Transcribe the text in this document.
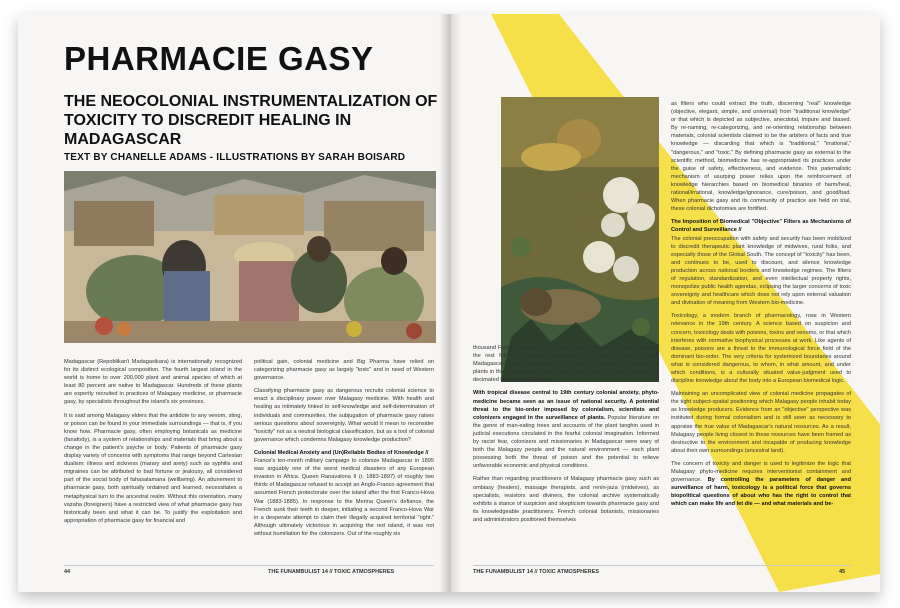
PHARMACIE GASY
THE NEOCOLONIAL INSTRUMENTALIZATION OF TOXICITY TO DISCREDIT HEALING IN MADAGASCAR
TEXT BY CHANELLE ADAMS - ILLUSTRATIONS BY SARAH BOISARD

Madagascar (Repoblikan'i Madagasikara) is internationally recognized for its distinct ecological composition. The fourth largest island in the world is home to over 200,000 plant and animal species of which at least 80 percent are native to Madagascar. Hundreds of these plants are expertly recruited in practices of Malagasy medicine, or pharmacie gasy, by specialists throughout the island's six provinces.

It is said among Malagasy elders that the antidote to any venom, sting, or poison can be found in your immediate surroundings — that is, if you know how. Pharmacie gasy, often employing botanicals as medicine (fanafody), is a system of relationships and materials that bring about a change in the patient's psyche or body. Patients of pharmacie gasy display variety of concerns with symptoms that range beyond Cartesian dualism: illness and sickness (marary and arety) such as syphilis and migraines can be attributed to bad fortune or jealousy, all considered part of the social body of fahasalamana (wellbeing). An attunement to pharmacie gasy, both spiritually ordained and learned, necessitates a metaphysical turn to the ancestral realm. Without this orientation, many vazaha (foreigners) have a restricted view of what pharmacie gasy has historically been and what it can be. To justify the exploitation and appropriation of pharmacie gasy for financial and

political gain, colonial medicine and Big Pharma have relied on categorizing pharmacie gasy as largely "toxic" and in need of Western governance.

Classifying pharmacie gasy as dangerous recruits colonial science to enact a disciplinary power over Malagasy medicine. With health and healing as intimately linked to self-knowledge and self-determination of individuals and communities, the subjugation of pharmacie gasy raises serious questions about sovereignty. What would it mean to reconsider "toxicity" not as a neutral biological classification, but as a tool of colonial governance which condemns Malagasy knowledge production?

Colonial Medical Anxiety and (Un)Reliable Bodies of Knowledge //

France's ten-month military campaign to colonize Madagascar in 1895 was arguably one of the worst medical disasters of any European invasion in Africa. Queen Ranavalona II (r. 1883-1897) of roughly two thirds of Madagascar refused to accept an Anglo-Franco agreement that assumed French protectorate over the island after the first Franco-Hova War (1883-1885). In response to the Merina Queen's defiance, the French sunk their teeth in deeper, initiating a second Franco-Hova War in a desperate attempt to claim their illegally acquired territorial "right." Although ultimately victorious in acquiring the red island, it was not without humiliation for the colonizers. Out of the roughly six

44	THE FUNAMBULIST 14 // TOXIC ATMOSPHERES

thousand French casualties, only twenty were the result of actual combat: the rest fell ill to malaria, dysentery and typhoid. Unfamiliar with Madagascar's unique landscape, the French were unable to recognize the plants in their surroundings which could have cured the very diseases that decimated their colonial troops.

With tropical disease central to 19th century colonial anxiety, phyto-medicine became seen as an issue of national security. A potential threat to the bio-order imposed by colonialism, scientists and colonizers engaged in the surveillance of plants. Popular literature on the genre of man-eating trees and accounts of the plant tanghin used in judicial executions circulated in the fearful colonial imagination. Informed by racist fear, colonizers and missionaries in Madagascar were wary of both the Malagasy people and the natural environment — each plant possessing both the threat of poison and the potential to relieve unfavorable economic and physical conditions.

Rather than regarding practitioners of Malagasy pharmacie gasy such as ombiasy (healers), massage therapists, and renin-jaza (midwives), as specialists, resistors and diviners, the colonial archive systematically exhibits a stance of suspicion and skepticism towards pharmacie gasy and its knowledgeable practitioners. French colonial botanists, missionaries and administrators positioned themselves

as filters who could extract the truth, discerning "real" knowledge (objective, elegant, simple, and universal) from "traditional knowledge" or that which is depicted as subjective, anecdotal, impure and biased. By re-naming, re-categorizing, and re-orienting relationship between materials, colonial scientists claimed to be the arbiters of facts and true knowledge — discarding that which is "traditional," "irrational," "dangerous," and "toxic." By defining pharmacie gasy as external to the scientific method, biomedicine has re-appropriated its practices under the guise of safety, effectiveness, and evidence. This paternalistic mechanism of usurping power relies upon the reinforcement of knowledge hierarchies based on biomedical binaries of harm/heal, rational/irrational, knowledge/ignorance, cure/poison, and good/bad. When pharmacie gasy and its community of practice are held on trial, these colonial dichotomies are fortified.

The Imposition of Biomedical "Objective" Filters as Mechanisms of Control and Surveillance //

The colonial preoccupation with safety and security has been mobilized to discredit therapeutic plant knowledge of midwives, rural folks, and especially those of the Global South. The concept of "toxicity" has been, and continues to be, used to discount, and silence knowledge production across national borders and knowledge regimes. The filters of regulation, standardization, and even intellectual property rights, monopolize public health agendas, eclipsing the larger concerns of toxic sovereignty and healthcare which does not rely upon external valuation and divination of meaning from Western bio-medicine.

Toxicology, a modern branch of pharmacology, rose in Western relevance in the 19th century. A science based on suspicion and concern, toxicology deals with poisons, toxins and venoms, or that which interferes with normative biophysical processes at work. Like agents of disease, poisons are a threat to the immunological force field of the dominant bio-order. The very criteria for systemized boundaries around what is considered dangerous, to whom, in what amount, and under which conditions, is a culturally situated value-judgment used to discipline knowledge about the body into a European biomedical logic.

Maintaining an uncomplicated view of colonial medicine propagates of the tight subject-spatial positioning which Malagasy people inhabit today as knowledge producers. Evidence from an "objective" perspective was instituted during formal colonialism and is still seen as necessary to appraise the true value of Madagascar's natural resources. As a result, Malagasy people living closest to these resources have been framed as destructive to the environment and incapable of producing knowledge about their own surroundings (ancestral land).

The concern of toxicity and danger is used to legitimize the logic that Malagasy phyto-medicine requires interventionist containment and governance. By controlling the parameters of danger and surveillance of harm, toxicology is a political force that governs biopolitical questions of about who has the right to control that which can make life and let die — and what materials and be-

THE FUNAMBULIST 14 // TOXIC ATMOSPHERES	45
